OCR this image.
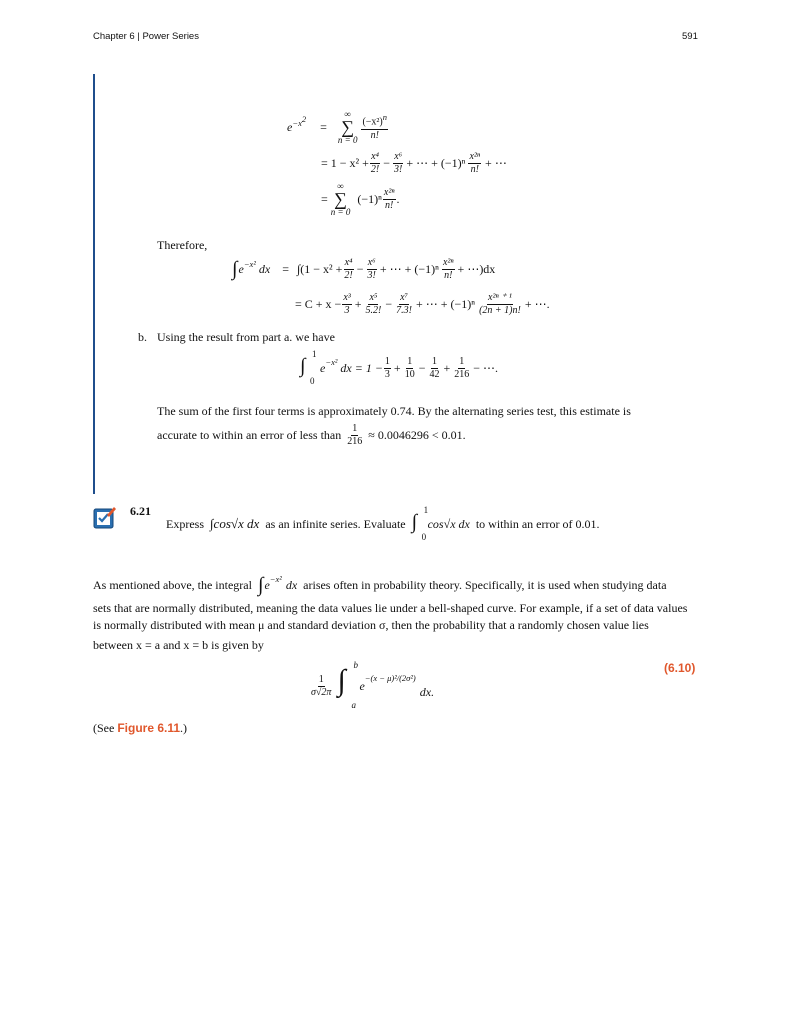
Chapter 6 | Power Series	591
e $^{-x^2}$
=
∞
∑
$n = 0 \frac{(-x^2)^n}{n!}$
= $1 - x^2 + \frac{\text{x⁴}}{2!} - \frac{\text{x⁶}}{3!}$ + ⋯ + $(-1)^n \frac{\text{x²ⁿ}}{n!}$ + ⋯
=
∞
∑
n = 0
$(-1)^n \frac{\text{x²ⁿ}}{n!}$ .
Therefore,
∫ $e^{-x^2}$ dx = $\int(1 - x^2 + \frac{\text{x⁴}}{2!} - \frac{\text{x⁶}}{3!}$ + ⋯ + $(-1)^n \frac{\text{x²ⁿ}}{n!}$ + ⋯)dx
= $C + x - \frac{\text{x³}}{3} + \frac{\text{x⁵}}{5.2!} - \frac{\text{x⁷}}{7.3!}$ + ⋯ + $(-1)^n \frac{\text{x²ⁿ ⁺ ¹}}{(2n + 1)n!}$ + ⋯.
b. Using the result from part a. we have
∫
1
0
$e^{-x^2}$ dx = $1 - \frac{1}{3} + \frac{1}{10} - \frac{1}{42} + \frac{1}{216}$ − ⋯.
The sum of the first four terms is approximately 0.74. By the alternating series test, this estimate is
accurate to within an error of less than $\frac{1}{216} \approx 0.0046296 < 0.01$.
6.21
Express ∫cos√x dx as an infinite series. Evaluate ∫
1
0
cos√x dx to within an error of 0.01.
As mentioned above, the integral ∫ $e^{-x^2}$ dx arises often in probability theory. Specifically, it is used when studying data
sets that are normally distributed, meaning the data values lie under a bell-shaped curve. For example, if a set of data values
is normally distributed with mean μ and standard deviation σ, then the probability that a randomly chosen value lies
between x = a and x = b is given by
$\frac{1}{\sigma√2\pi}$ ∫ b
a
e
$^{-(x - \mu)^2/(2\sigma^2)}$
dx.
(6.10)
(See Figure 6.11.)
